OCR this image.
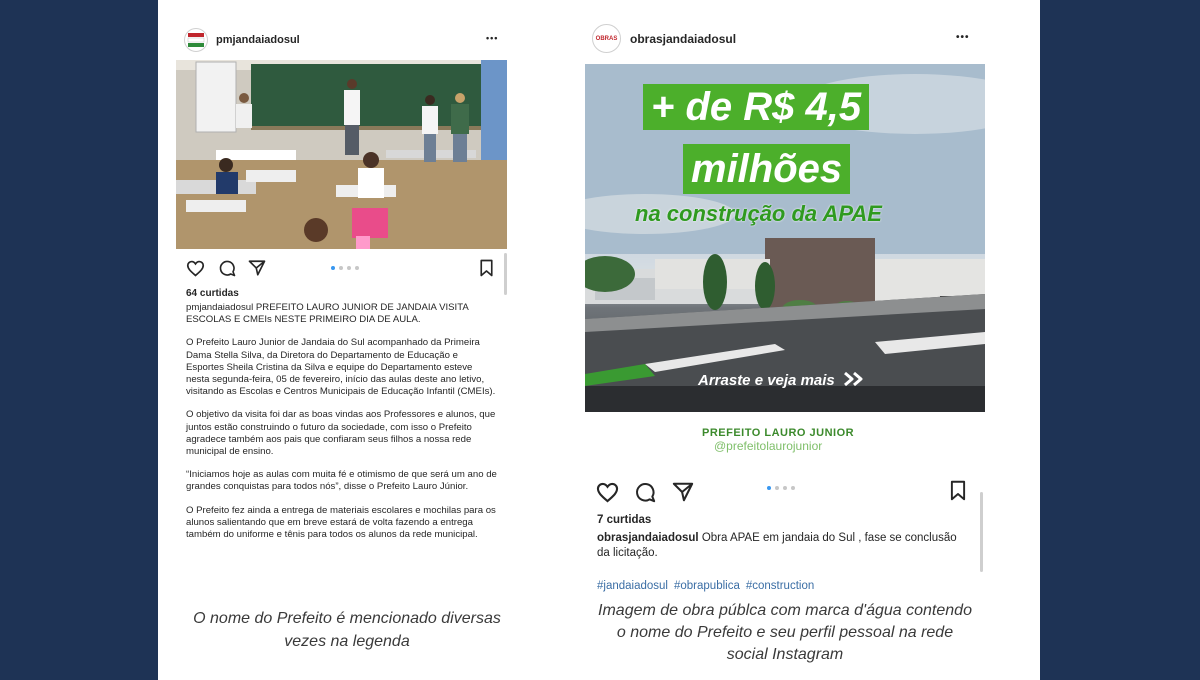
pmjandaiadosul	•••
64 curtidas

pmjandaiadosul PREFEITO LAURO JUNIOR DE JANDAIA VISITA ESCOLAS E CMEIs NESTE PRIMEIRO DIA DE AULA.

O Prefeito Lauro Junior de Jandaia do Sul acompanhado da Primeira Dama Stella Silva, da Diretora do Departamento de Educação e Esportes Sheila Cristina da Silva e equipe do Departamento esteve nesta segunda-feira, 05 de fevereiro, início das aulas deste ano letivo, visitando as Escolas e Centros Municipais de Educação Infantil (CMEIs).

O objetivo da visita foi dar as boas vindas aos Professores e alunos, que juntos estão construindo o futuro da sociedade, com isso o Prefeito agradece também aos pais que confiaram seus filhos a nossa rede municipal de ensino.

“Iniciamos hoje as aulas com muita fé e otimismo de que será um ano de grandes conquistas para todos nós”, disse o Prefeito Lauro Júnior.

O Prefeito fez ainda a entrega de materiais escolares e mochilas para os alunos salientando que em breve estará de volta fazendo a entrega também do uniforme e tênis para todos os alunos da rede municipal.

O nome do Prefeito é mencionado diversas vezes na legenda
OBRAS obrasjandaiadosul	•••
+ de R$ 4,5
milhões
na construção da APAE
Arraste e veja mais
PREFEITO LAURO JUNIOR
@prefeitolaurojunior
7 curtidas
obrasjandaiadosul Obra APAE em jandaia do Sul , fase se conclusão da licitação.
#jandaiadosul #obrapublica #construction
Imagem de obra públca com marca d'água contendo o nome do Prefeito e seu perfil pessoal na rede social Instagram
